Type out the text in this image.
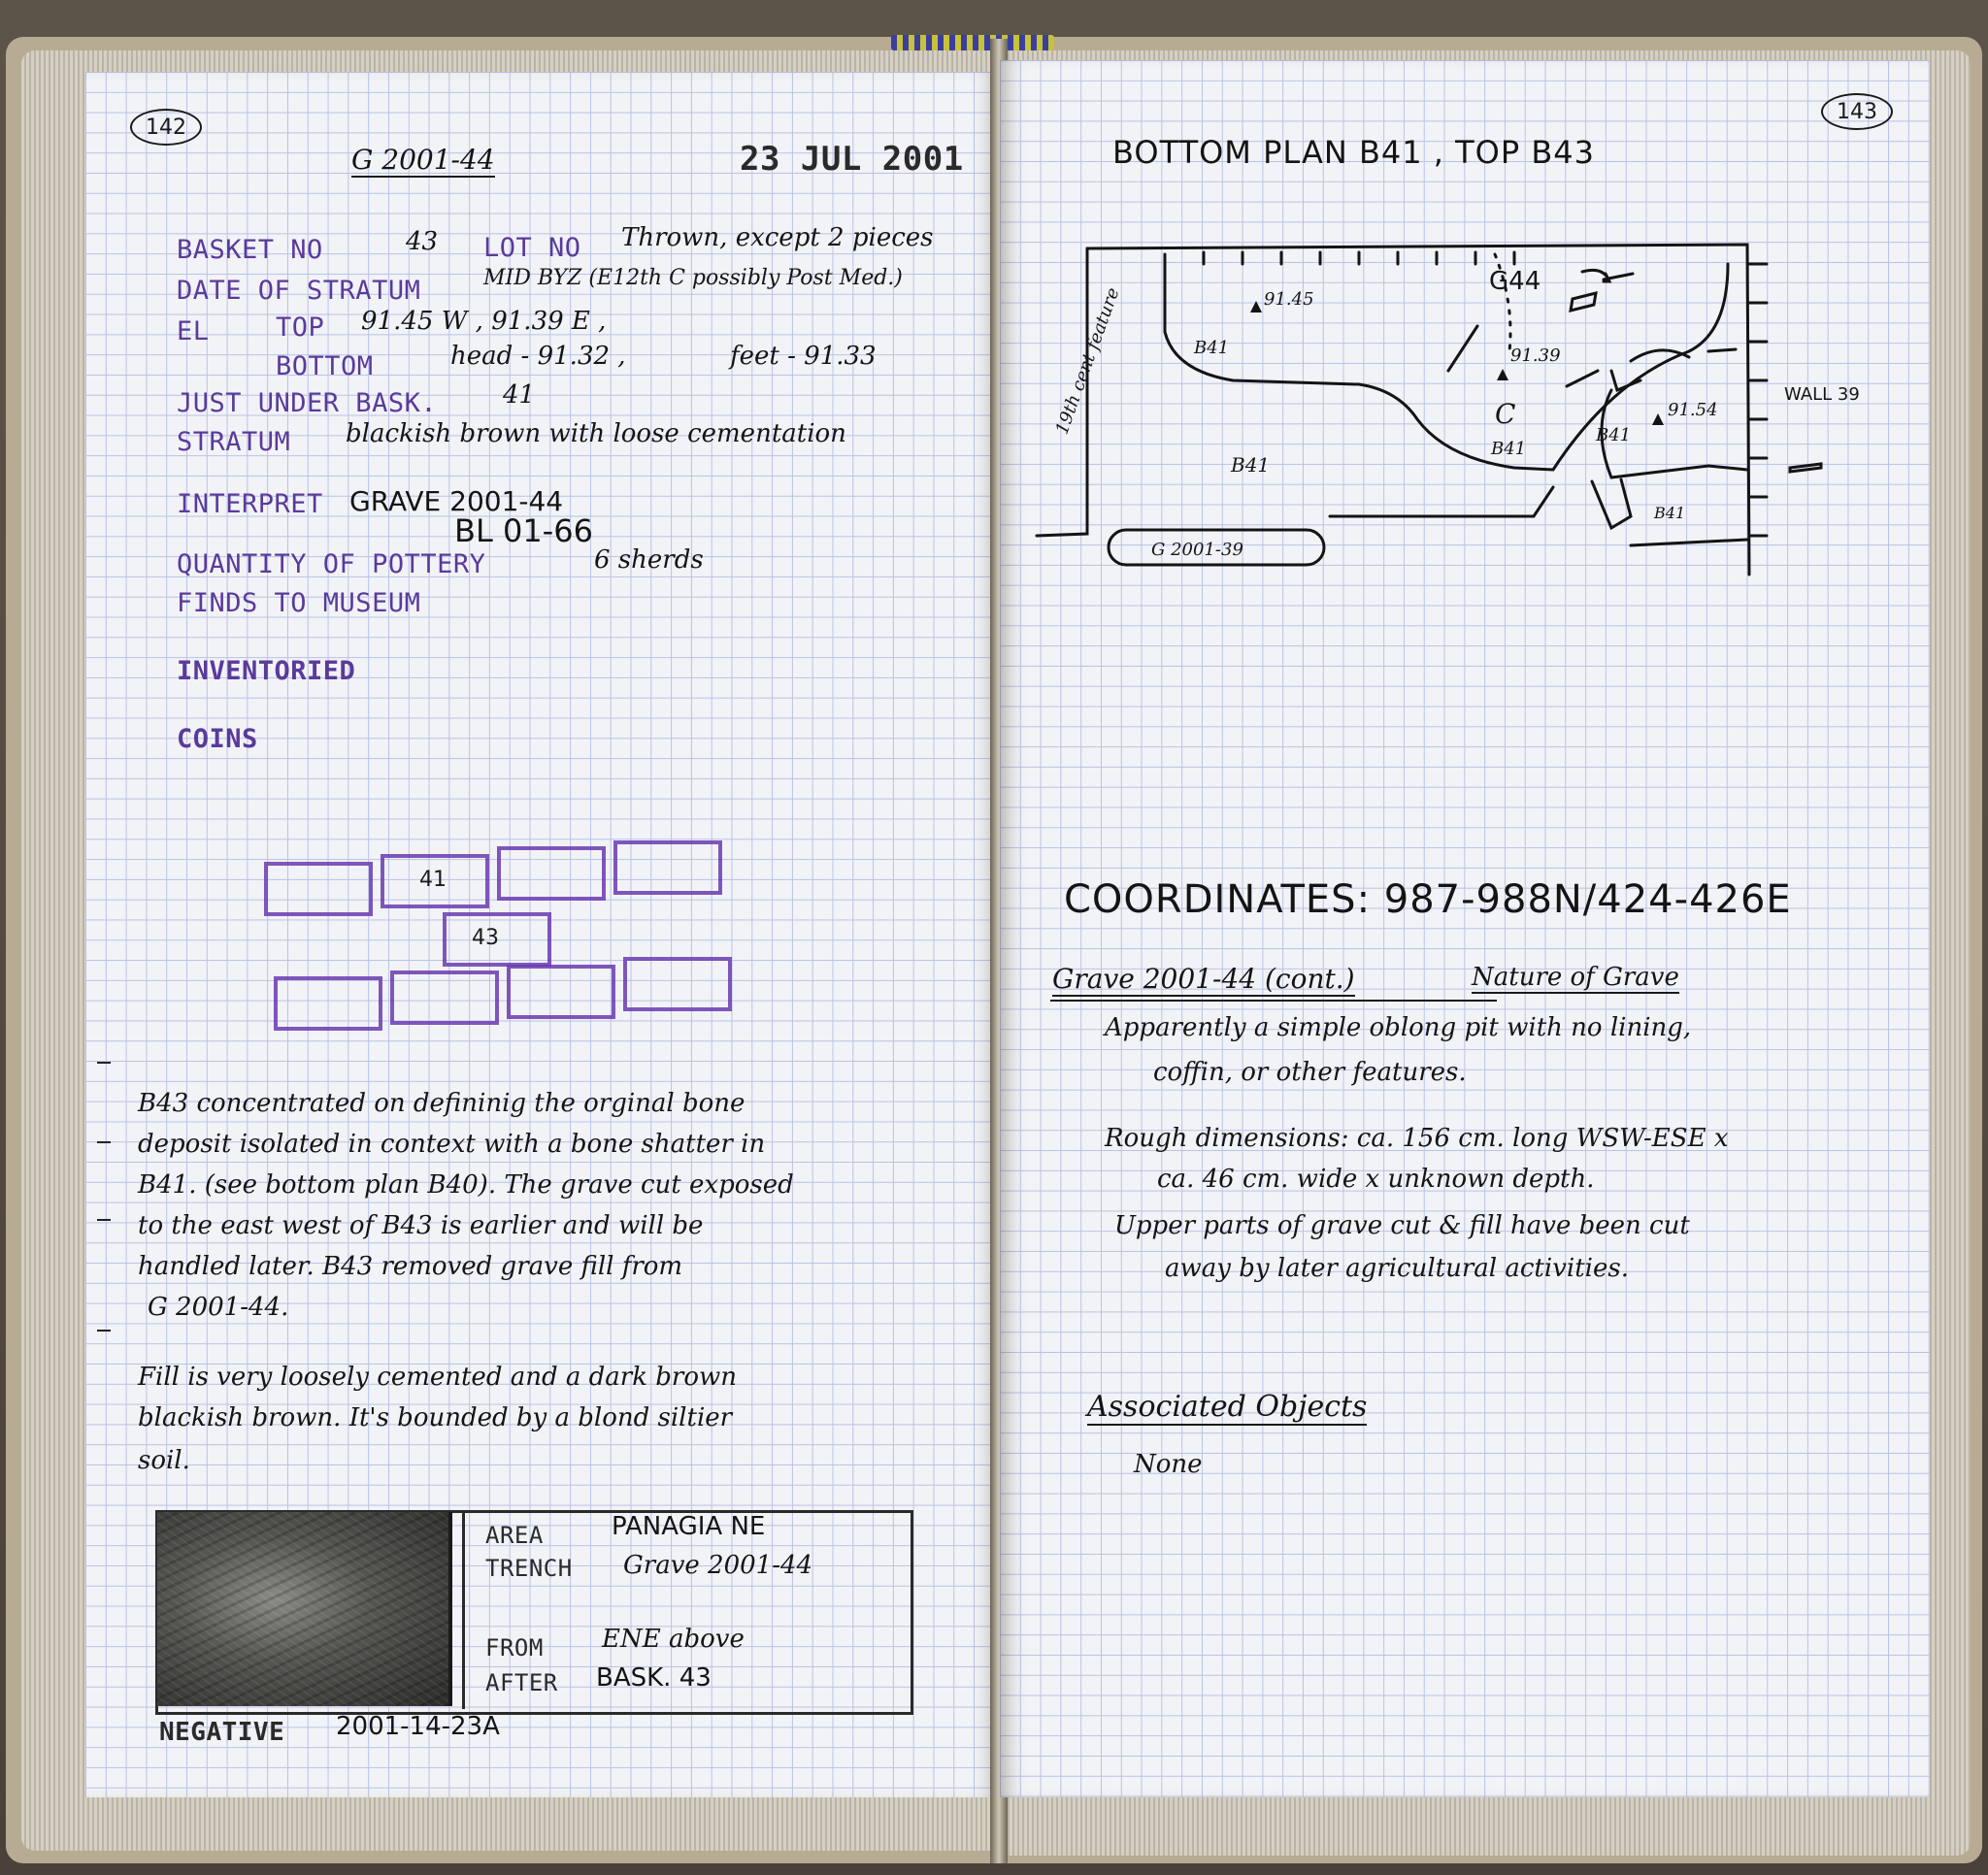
142
G 2001-44	23 JUL 2001
BASKET NO	43 LOT NO Thrown, except 2 pieces
DATE OF STRATUM	MID BYZ (E12th C possibly Post Med.)
EL	TOP 91.45 W , 91.39 E ,
BOTTOM	head - 91.32 ,	feet - 91.33
JUST UNDER BASK.	41
STRATUM blackish brown with loose cementation
INTERPRET GRAVE 2001-44
BL 01-66
QUANTITY OF POTTERY	6 sherds
FINDS TO MUSEUM
INVENTORIED
COINS
41
43
B43 concentrated on defininig the orginal bone
deposit isolated in context with a bone shatter in
B41. (see bottom plan B40). The grave cut exposed
to the east west of B43 is earlier and will be
handled later. B43 removed grave fill from
G 2001-44.
Fill is very loosely cemented and a dark brown
blackish brown. It's bounded by a blond siltier
soil.
AREA	PANAGIA NE
TRENCH Grave 2001-44
FROM ENE above
AFTER BASK. 43
NEGATIVE 2001-14-23A
143
BOTTOM PLAN B41 , TOP B43
19th cent feature	91.45
91.39
91.54
B41
B41
B41
B41
B41
C
WALL 39
G 2001-39
G44
COORDINATES: 987-988N/424-426E
Grave 2001-44 (cont.)	Nature of Grave
Apparently a simple oblong pit with no lining,
coffin, or other features.
Rough dimensions: ca. 156 cm. long WSW-ESE x
ca. 46 cm. wide x unknown depth.
Upper parts of grave cut & fill have been cut
away by later agricultural activities.
Associated Objects
None
